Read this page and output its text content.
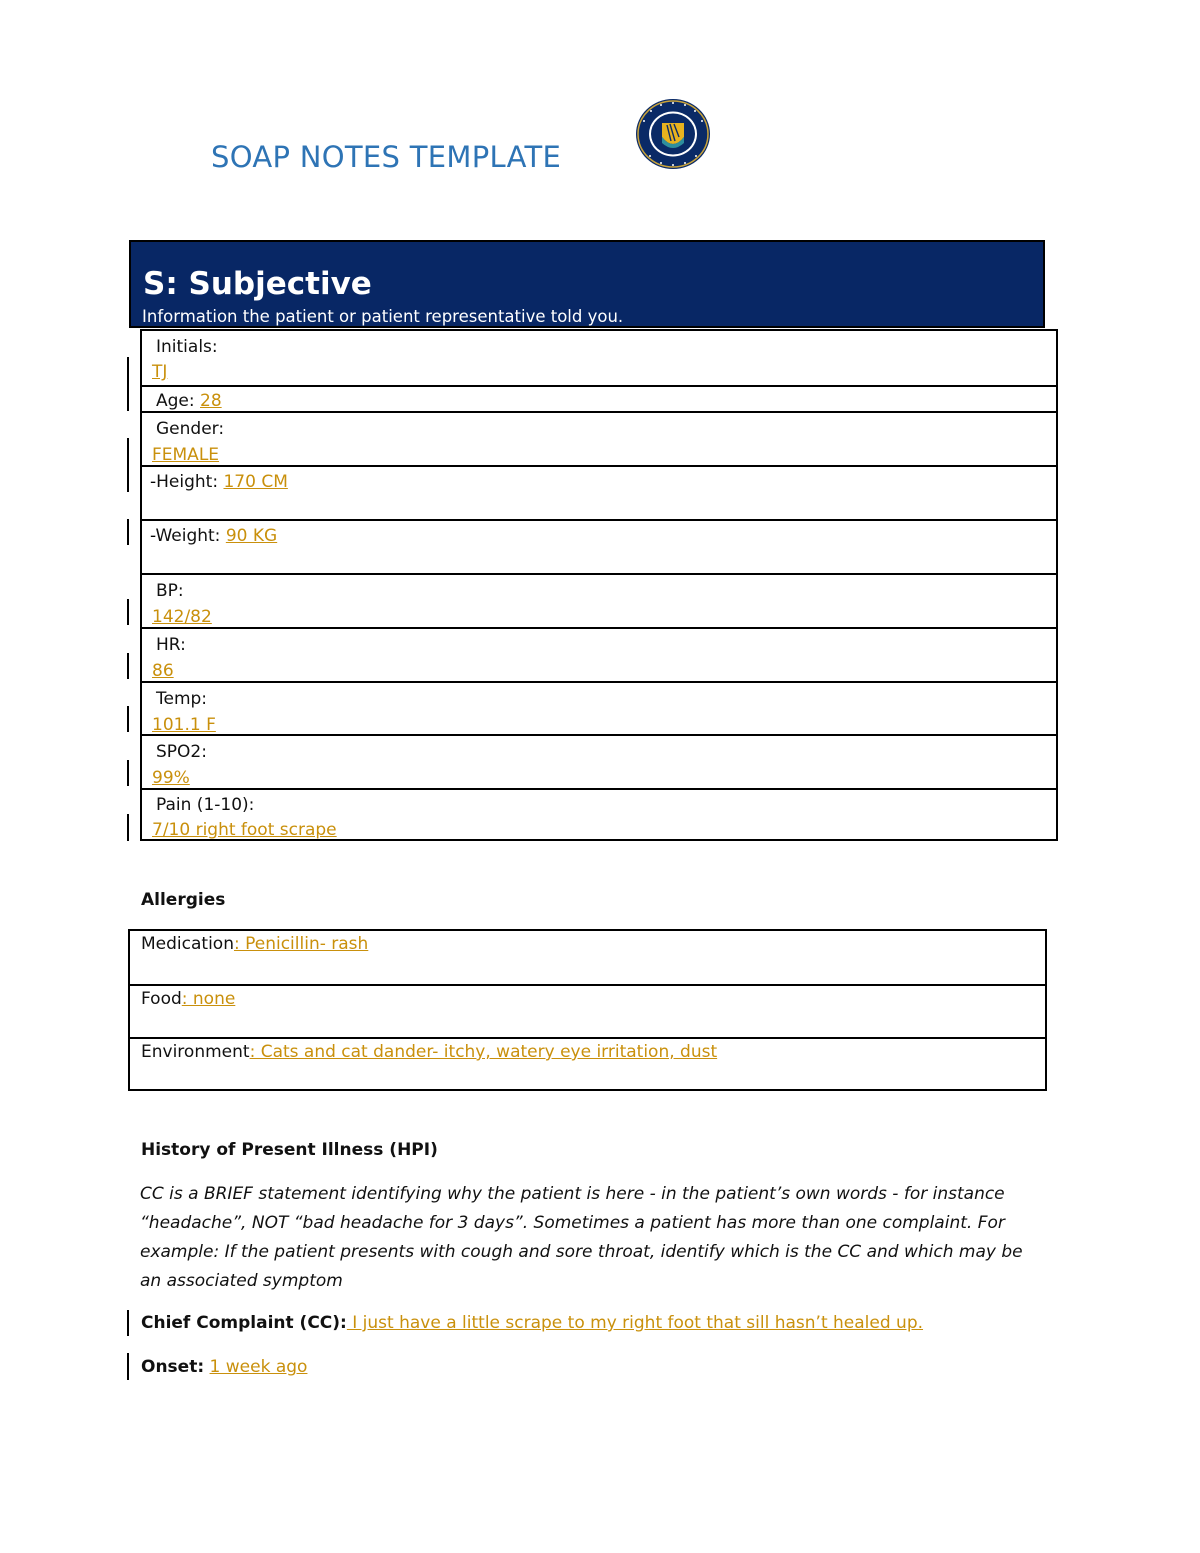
SOAP NOTES TEMPLATE
S: Subjective
Information the patient or patient representative told you.
Initials:
TJ
Age: 28
Gender:
FEMALE
-Height: 170 CM
-Weight: 90 KG
BP:
142/82
HR:
86
Temp:
101.1 F
SPO2:
99%
Pain (1-10):
7/10 right foot scrape
Allergies
Medication: Penicillin- rash
Food: none
Environment: Cats and cat dander- itchy, watery eye irritation, dust
History of Present Illness (HPI)

CC is a BRIEF statement identifying why the patient is here - in the patient’s own words - for instance “headache”, NOT “bad headache for 3 days”. Sometimes a patient has more than one complaint. For example: If the patient presents with cough and sore throat, identify which is the CC and which may be an associated symptom

Chief Complaint (CC): I just have a little scrape to my right foot that sill hasn’t healed up.
Onset: 1 week ago
